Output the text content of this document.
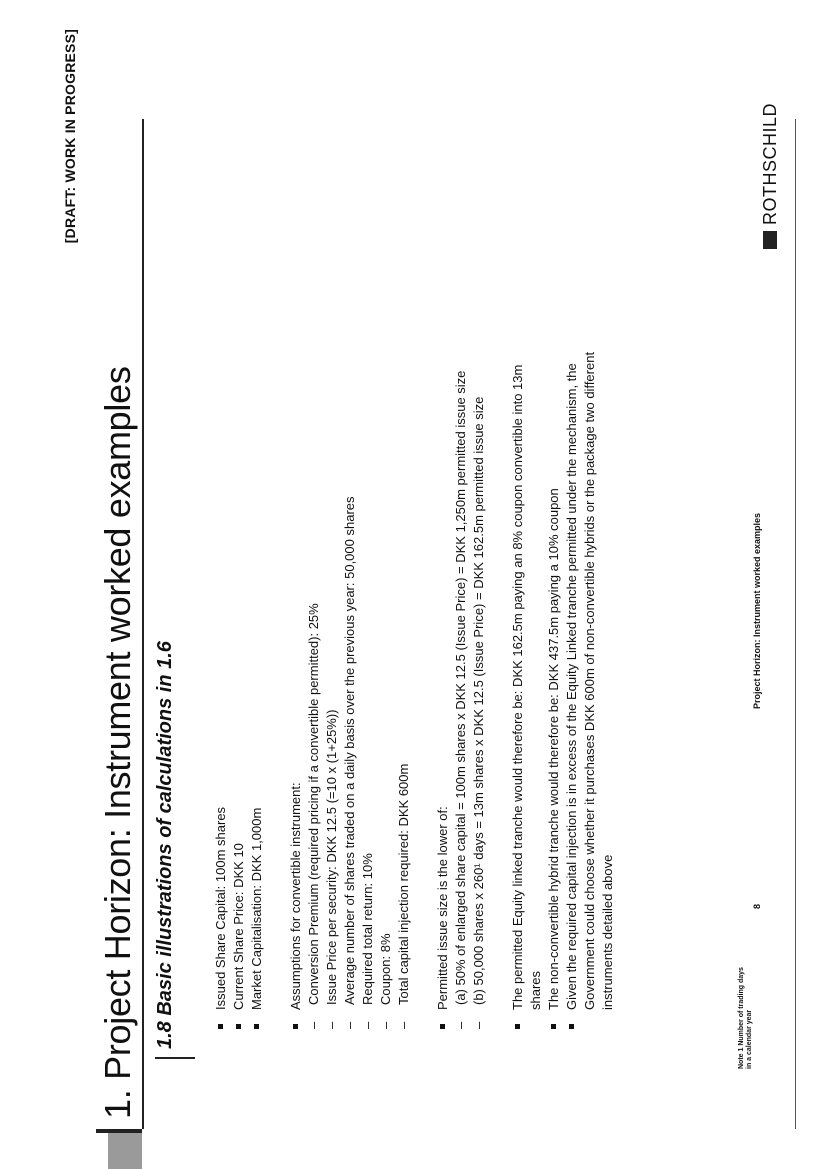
[DRAFT: WORK IN PROGRESS]
1. Project Horizon: Instrument worked examples 1.8 Basic illustrations of calculations in 1.6	Issued Share Capital: 100m shares Current Share Price: DKK 10 Market Capitalisation: DKK 1,000m Assumptions for convertible instrument:
–Conversion Premium (required pricing if a convertible permitted): 25%
–Issue Price per security: DKK 12.5 (=10 x (1+25%))
–Average number of shares traded on a daily basis over the previous year: 50,000 shares
–Required total return: 10%
–Coupon: 8%
–Total capital injection required: DKK 600m Permitted issue size is the lower of:
–(a) 50% of enlarged share capital = 100m shares x DKK 12.5 (Issue Price) = DKK 1,250m permitted issue size
–(b) 50,000 shares x 260¹ days = 13m shares x DKK 12.5 (Issue Price) = DKK 162.5m permitted issue size The permitted Equity linked tranche would therefore be: DKK 162.5m paying an 8% coupon convertible into 13m shares The non-convertible hybrid tranche would therefore be: DKK 437.5m paying a 10% coupon Given the required capital injection is in excess of the Equity Linked tranche permitted under the mechanism, the Government could choose whether it purchases DKK 600m of non-convertible hybrids or the package two different instruments detailed above
Note 1 Number of trading days in a calendar year
8
Project Horizon: Instrument worked examples
ROTHSCHILD
